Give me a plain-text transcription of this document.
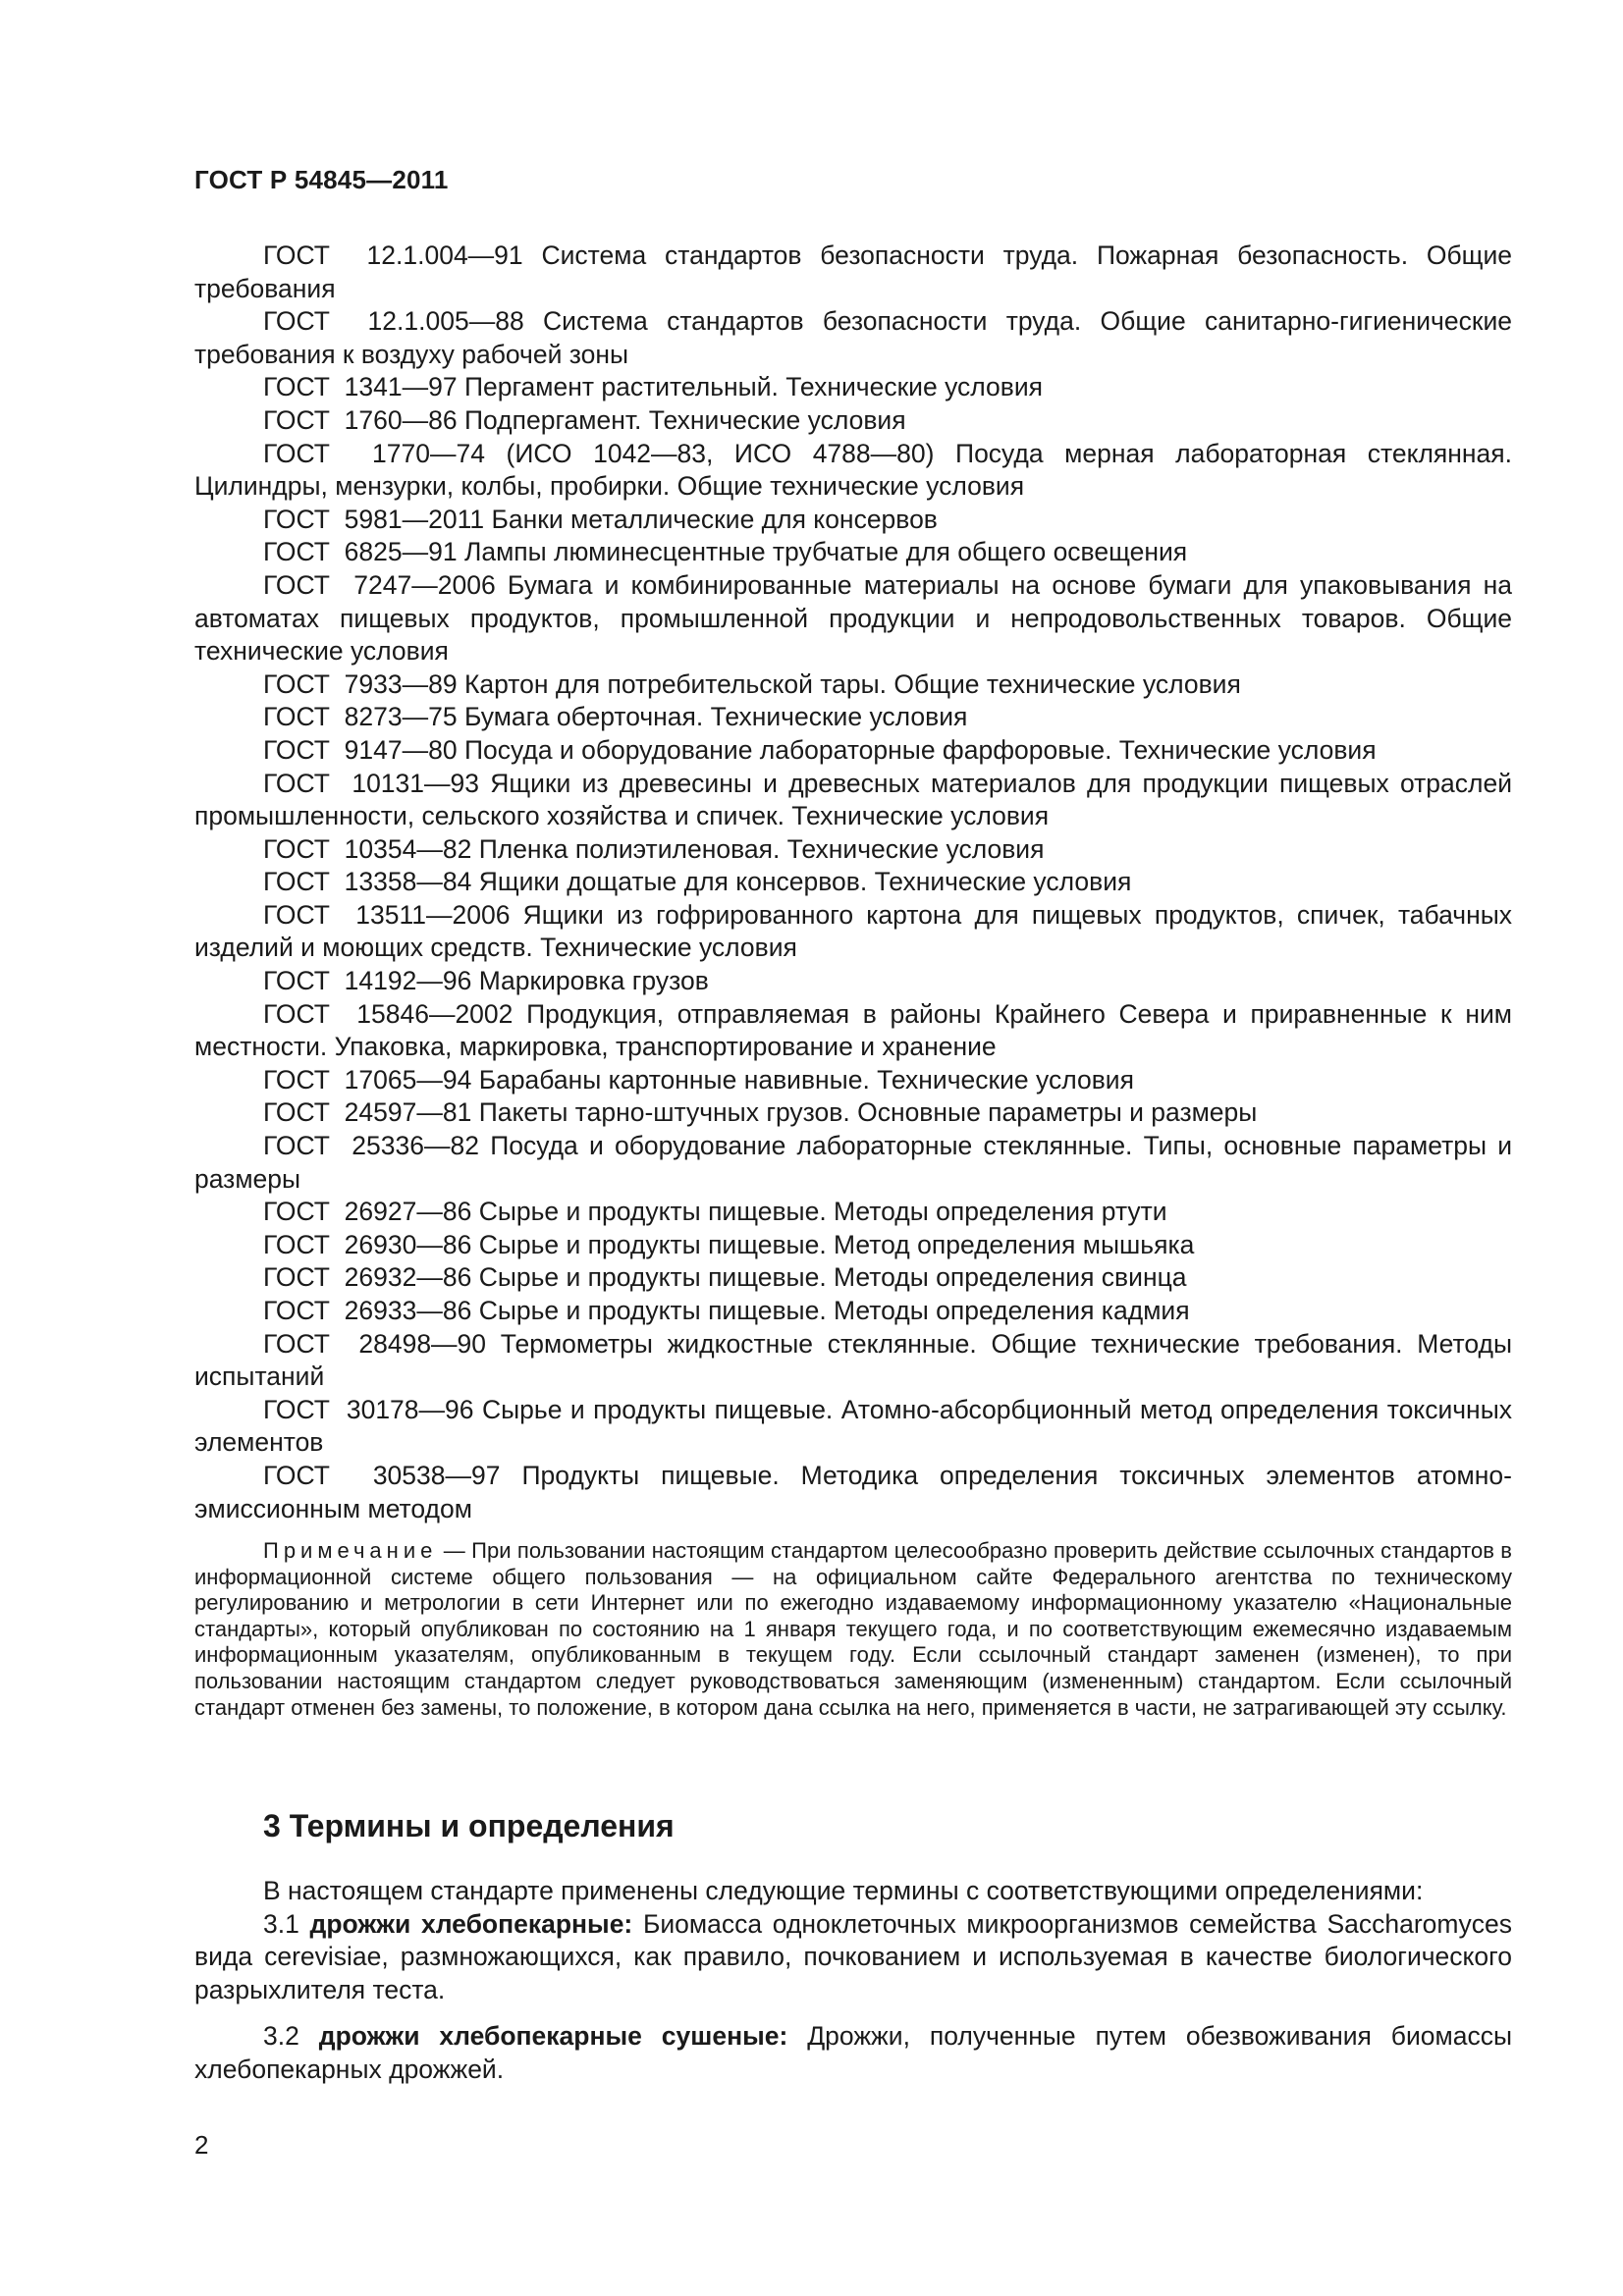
ГОСТ Р 54845—2011
ГОСТ  12.1.004—91 Система стандартов безопасности труда. Пожарная безопасность. Общие требования
ГОСТ  12.1.005—88 Система стандартов безопасности труда. Общие санитарно-гигиенические требования к воздуху рабочей зоны
ГОСТ  1341—97 Пергамент растительный. Технические условия
ГОСТ  1760—86 Подпергамент. Технические условия
ГОСТ  1770—74 (ИСО 1042—83, ИСО 4788—80) Посуда мерная лабораторная стеклянная. Цилиндры, мензурки, колбы, пробирки. Общие технические условия
ГОСТ  5981—2011 Банки металлические для консервов
ГОСТ  6825—91 Лампы люминесцентные трубчатые для общего освещения
ГОСТ  7247—2006 Бумага и комбинированные материалы на основе бумаги для упаковывания на автоматах пищевых продуктов, промышленной продукции и непродовольственных товаров. Общие технические условия
ГОСТ  7933—89 Картон для потребительской тары. Общие технические условия
ГОСТ  8273—75 Бумага оберточная. Технические условия
ГОСТ  9147—80 Посуда и оборудование лабораторные фарфоровые. Технические условия
ГОСТ  10131—93 Ящики из древесины и древесных материалов для продукции пищевых отраслей промышленности, сельского хозяйства и спичек. Технические условия
ГОСТ  10354—82 Пленка полиэтиленовая. Технические условия
ГОСТ  13358—84 Ящики дощатые для консервов. Технические условия
ГОСТ  13511—2006 Ящики из гофрированного картона для пищевых продуктов, спичек, табачных изделий и моющих средств. Технические условия
ГОСТ  14192—96 Маркировка грузов
ГОСТ  15846—2002 Продукция, отправляемая в районы Крайнего Севера и приравненные к ним местности. Упаковка, маркировка, транспортирование и хранение
ГОСТ  17065—94 Барабаны картонные навивные. Технические условия
ГОСТ  24597—81 Пакеты тарно-штучных грузов. Основные параметры и размеры
ГОСТ  25336—82 Посуда и оборудование лабораторные стеклянные. Типы, основные параметры и размеры
ГОСТ  26927—86 Сырье и продукты пищевые. Методы определения ртути
ГОСТ  26930—86 Сырье и продукты пищевые. Метод определения мышьяка
ГОСТ  26932—86 Сырье и продукты пищевые. Методы определения свинца
ГОСТ  26933—86 Сырье и продукты пищевые. Методы определения кадмия
ГОСТ  28498—90 Термометры жидкостные стеклянные. Общие технические требования. Методы испытаний
ГОСТ  30178—96 Сырье и продукты пищевые. Атомно-абсорбционный метод определения токсичных элементов
ГОСТ  30538—97 Продукты пищевые. Методика определения токсичных элементов атомно-эмиссионным методом
Примечание — При пользовании настоящим стандартом целесообразно проверить действие ссылочных стандартов в информационной системе общего пользования — на официальном сайте Федерального агентства по техническому регулированию и метрологии в сети Интернет или по ежегодно издаваемому информационному указателю «Национальные стандарты», который опубликован по состоянию на 1 января текущего года, и по соответствующим ежемесячно издаваемым информационным указателям, опубликованным в текущем году. Если ссылочный стандарт заменен (изменен), то при пользовании настоящим стандартом следует руководствоваться заменяющим (измененным) стандартом. Если ссылочный стандарт отменен без замены, то положение, в котором дана ссылка на него, применяется в части, не затрагивающей эту ссылку.
3 Термины и определения

В настоящем стандарте применены следующие термины с соответствующими определениями:

3.1 дрожжи хлебопекарные: Биомасса одноклеточных микроорганизмов семейства Saccharomyces вида cerevisiae, размножающихся, как правило, почкованием и используемая в качестве биологического разрыхлителя теста.

3.2 дрожжи хлебопекарные сушеные: Дрожжи, полученные путем обезвоживания биомассы хлебопекарных дрожжей.

2
